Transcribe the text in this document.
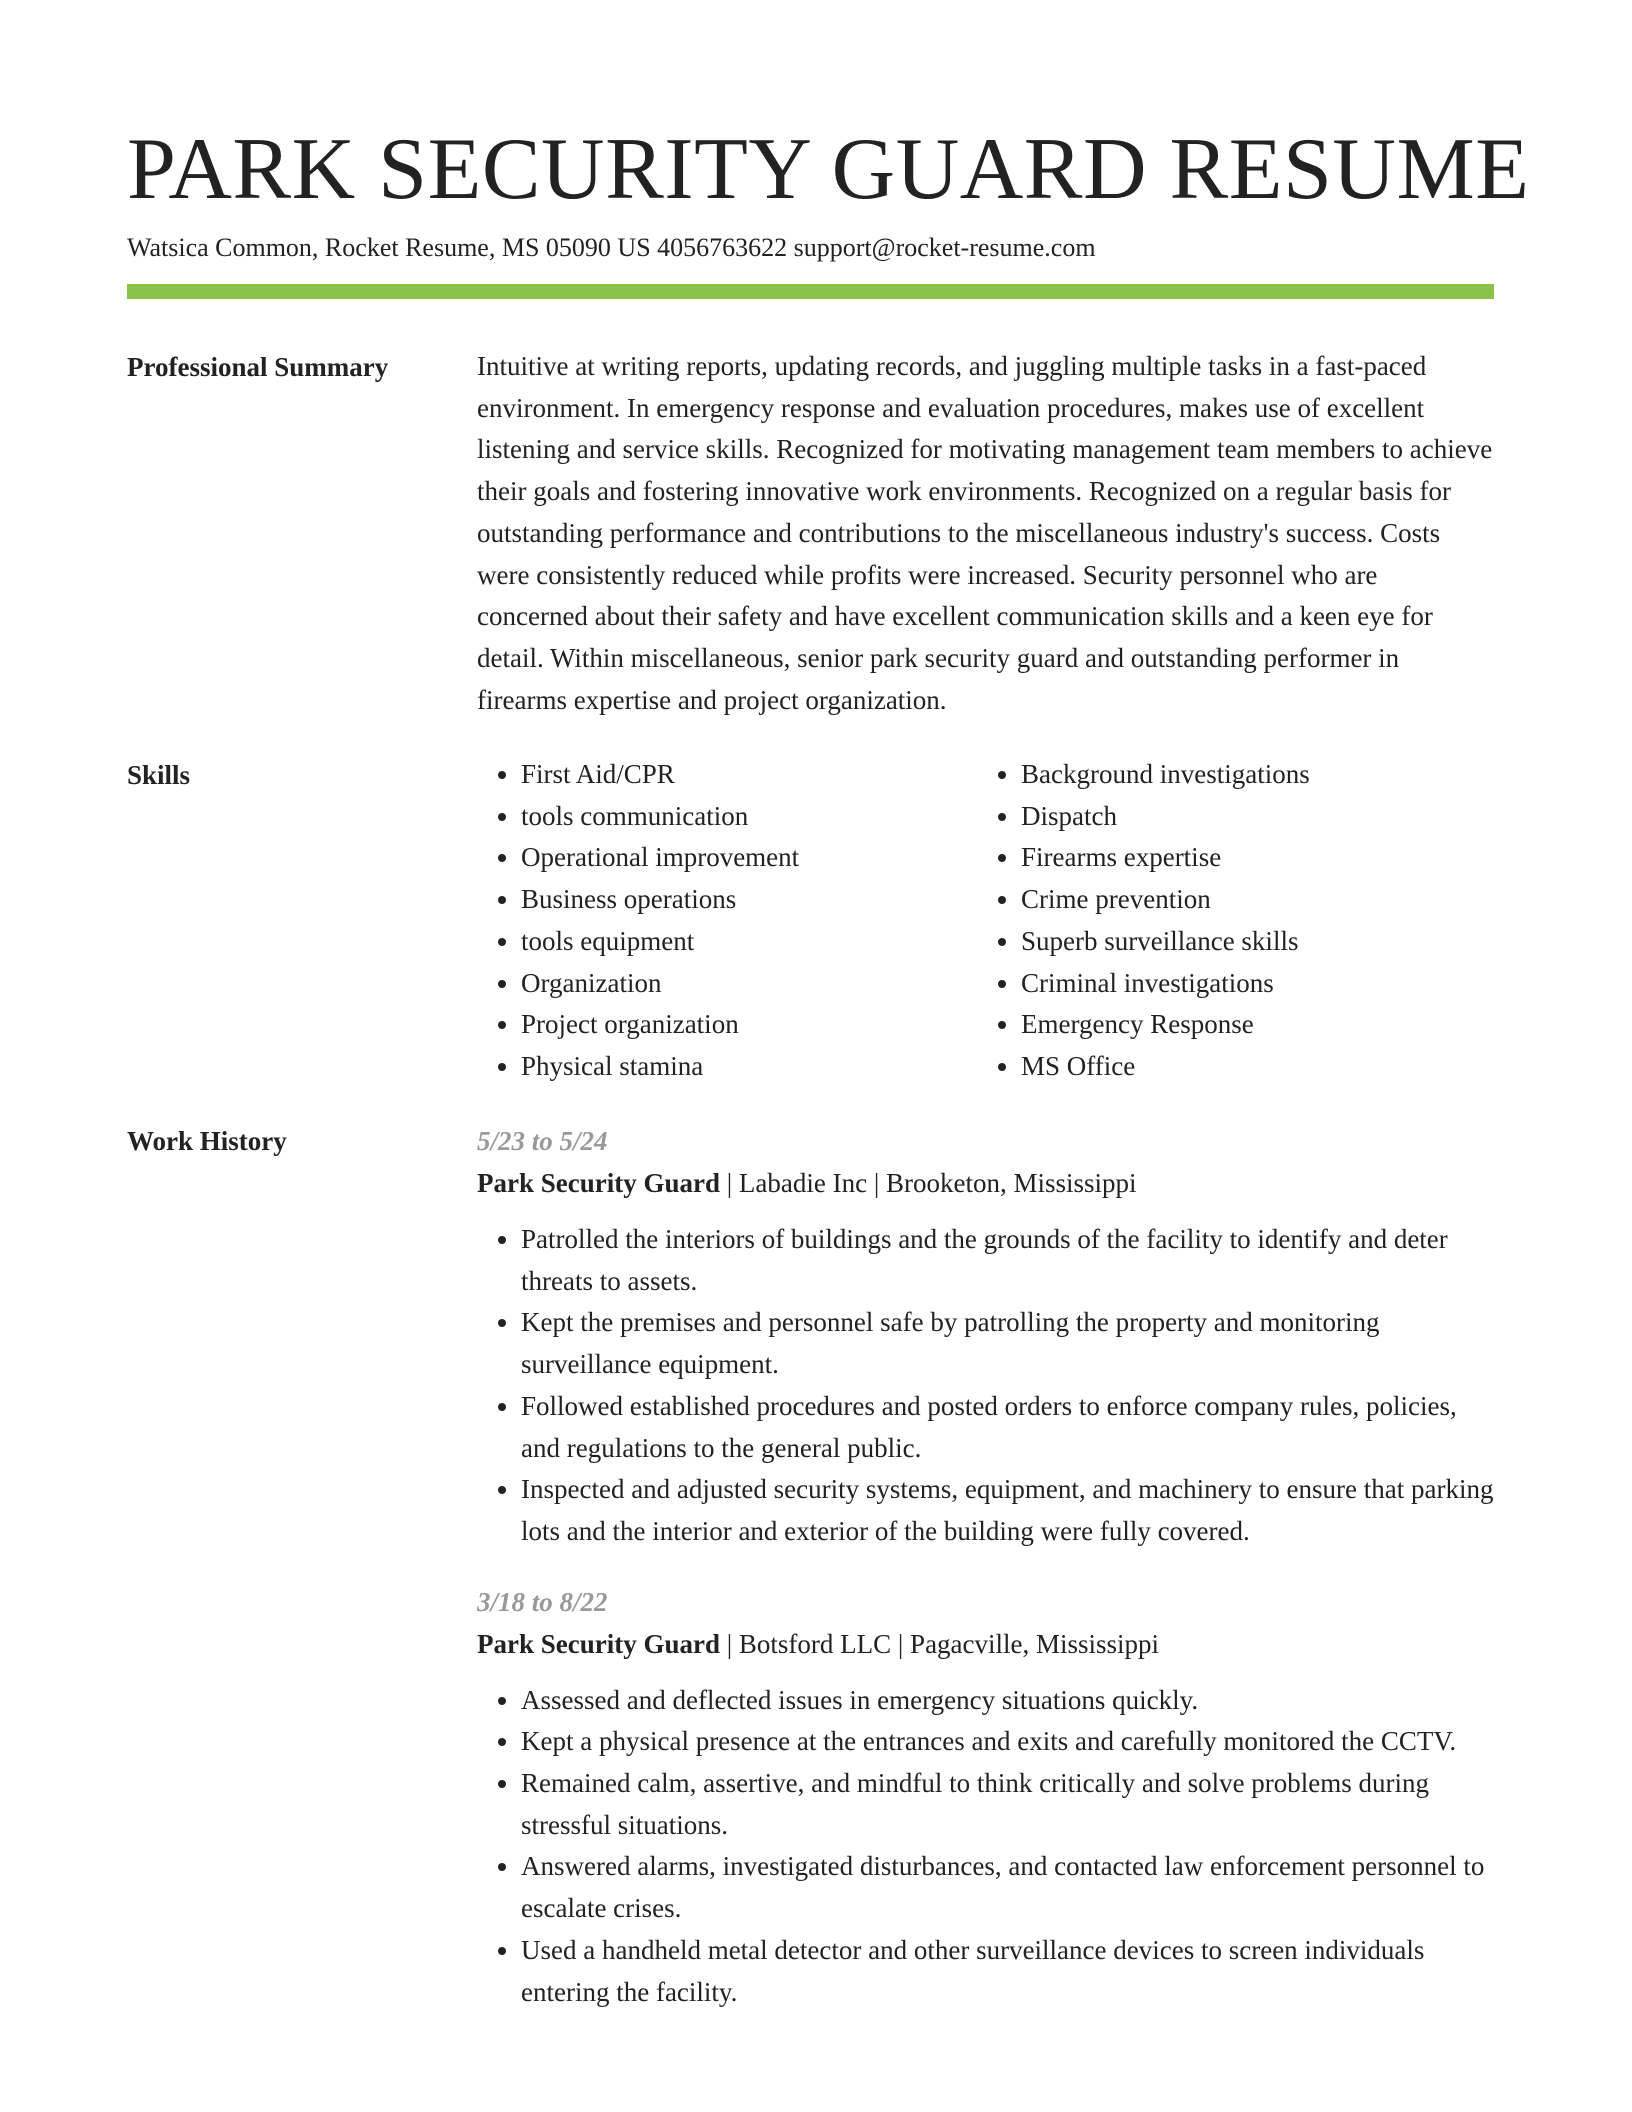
PARK SECURITY GUARD RESUME
Watsica Common, Rocket Resume, MS 05090 US 4056763622 support@rocket-resume.com
Professional Summary	Intuitive at writing reports, updating records, and juggling multiple tasks in a fast-paced environment. In emergency response and evaluation procedures, makes use of excellent listening and service skills. Recognized for motivating management team members to achieve their goals and fostering innovative work environments. Recognized on a regular basis for outstanding performance and contributions to the miscellaneous industry's success. Costs were consistently reduced while profits were increased. Security personnel who are concerned about their safety and have excellent communication skills and a keen eye for detail. Within miscellaneous, senior park security guard and outstanding performer in firearms expertise and project organization.

Skills
•	First Aid/CPR
• tools communication
• Operational improvement
• Business operations
• tools equipment
• Organization
• Project organization
• Physical stamina
• Background investigations
• Dispatch
• Firearms expertise
• Crime prevention
• Superb surveillance skills
• Criminal investigations
• Emergency Response
• MS Office
Work History	5/23 to 5/24
Park Security Guard | Labadie Inc | Brooketon, Mississippi
• Patrolled the interiors of buildings and the grounds of the facility to identify and deter threats to assets.
• Kept the premises and personnel safe by patrolling the property and monitoring surveillance equipment.
• Followed established procedures and posted orders to enforce company rules, policies, and regulations to the general public.
• Inspected and adjusted security systems, equipment, and machinery to ensure that parking lots and the interior and exterior of the building were fully covered.
3/18 to 8/22
Park Security Guard | Botsford LLC | Pagacville, Mississippi
• Assessed and deflected issues in emergency situations quickly.
• Kept a physical presence at the entrances and exits and carefully monitored the CCTV.
• Remained calm, assertive, and mindful to think critically and solve problems during stressful situations.
• Answered alarms, investigated disturbances, and contacted law enforcement personnel to escalate crises.
• Used a handheld metal detector and other surveillance devices to screen individuals entering the facility.
